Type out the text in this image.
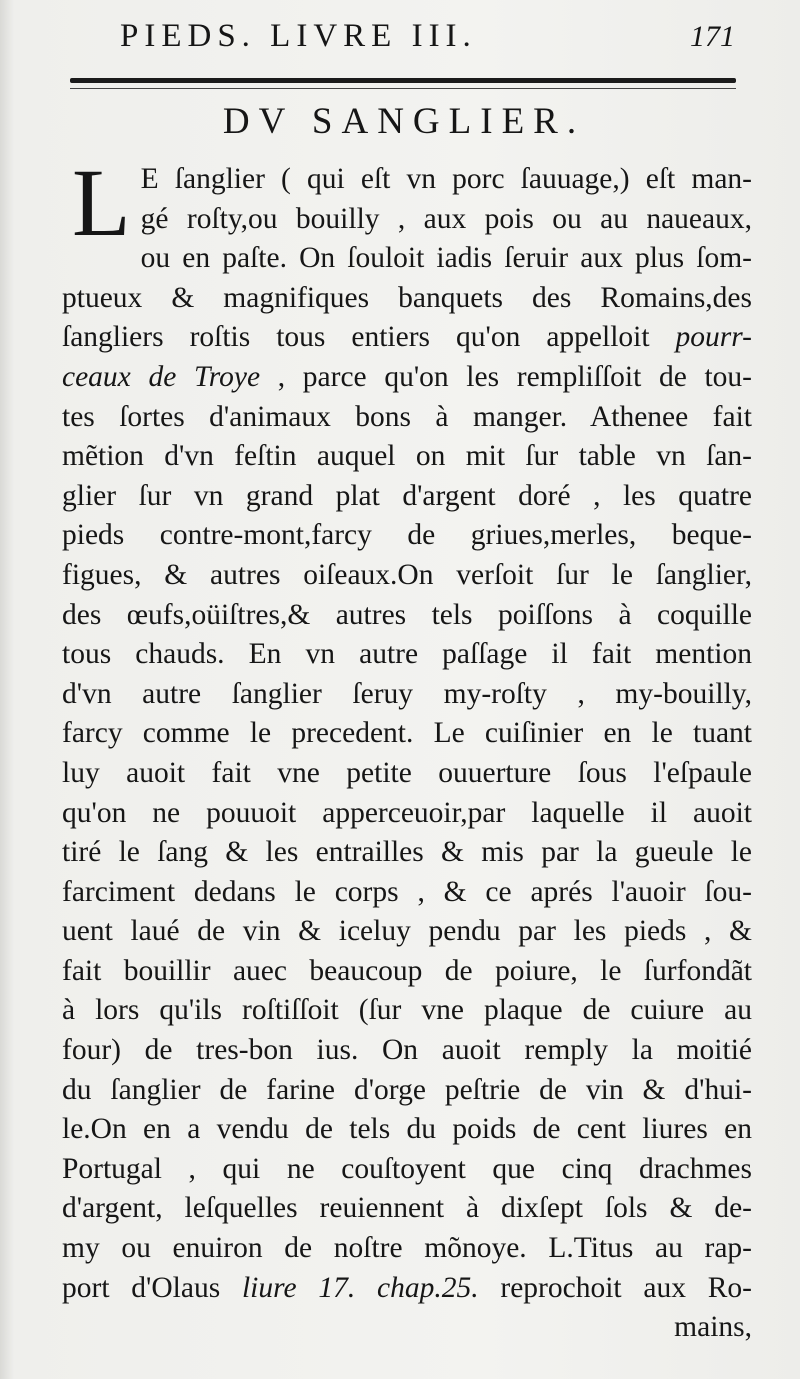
PIEDS. LIVRE III.	171
DV SANGLIER.
L E ſanglier ( qui eſt vn porc ſauuage,) eſt man-
gé roſty,ou bouilly , aux pois ou au naueaux,
ou en paſte. On ſouloit iadis ſeruir aux plus ſom-
ptueux & magnifiques banquets des Romains,des
ſangliers roſtis tous entiers qu'on appelloit pourr-
ceaux de Troye , parce qu'on les rempliſſoit de tou-
tes ſortes d'animaux bons à manger. Athenee fait
mẽtion d'vn feſtin auquel on mit ſur table vn ſan-
glier ſur vn grand plat d'argent doré , les quatre
pieds contre-mont,farcy de griues,merles, beque-
figues, & autres oiſeaux.On verſoit ſur le ſanglier,
des œufs,oüiſtres,& autres tels poiſſons à coquille
tous chauds. En vn autre paſſage il fait mention
d'vn autre ſanglier ſeruy my-roſty , my-bouilly,
farcy comme le precedent. Le cuiſinier en le tuant
luy auoit fait vne petite ouuerture ſous l'eſpaule
qu'on ne pouuoit apperceuoir,par laquelle il auoit
tiré le ſang & les entrailles & mis par la gueule le
farciment dedans le corps , & ce aprés l'auoir ſou-
uent laué de vin & iceluy pendu par les pieds , &
fait bouillir auec beaucoup de poiure, le ſurfondãt
à lors qu'ils roſtiſſoit (ſur vne plaque de cuiure au
four) de tres-bon ius. On auoit remply la moitié
du ſanglier de farine d'orge peſtrie de vin & d'hui-
le.On en a vendu de tels du poids de cent liures en
Portugal , qui ne couſtoyent que cinq drachmes
d'argent, leſquelles reuiennent à dixſept ſols & de-
my ou enuiron de noſtre mõnoye. L.Titus au rap-
port d'Olaus liure 17. chap.25. reprochoit aux Ro-
mains,
